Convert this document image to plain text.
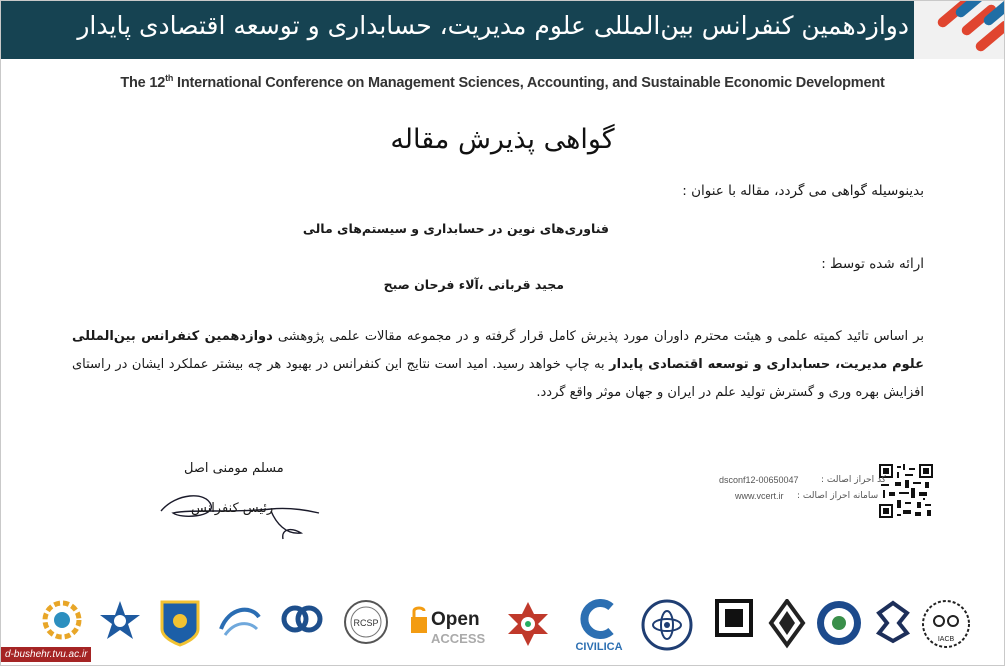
دوازدهمین کنفرانس بین‌المللی علوم مدیریت، حسابداری و توسعه اقتصادی پایدار
The 12th International Conference on Management Sciences, Accounting, and Sustainable Economic Development
گواهی پذیرش مقاله
بدینوسیله گواهی می گردد، مقاله با عنوان :
فناوری‌های نوین در حسابداری و سیستم‌های مالی
ارائه شده توسط :
مجید قربانی ،آلاء فرحان صبح
بر اساس تائید کمیته علمی و هیئت محترم داوران مورد پذیرش کامل قرار گرفته و در مجموعه مقالات علمی پژوهشی دوازدهمین کنفرانس بین‌المللی علوم مدیریت، حسابداری و توسعه اقتصادی پایدار به چاپ خواهد رسید. امید است نتایج این کنفرانس در بهبود هر چه بیشتر عملکرد ایشان در راستای افزایش بهره وری و گسترش تولید علم در ایران و جهان موثر واقع گردد.
مسلم مومنی اصل
رئیس کنفرانس
کد احراز اصالت :
dsconf12-00650047
سامانه احراز اصالت :
www.vcert.ir
RCSP	Open
ACCESS
CIVILICA
IACB
d-bushehr.tvu.ac.ir
